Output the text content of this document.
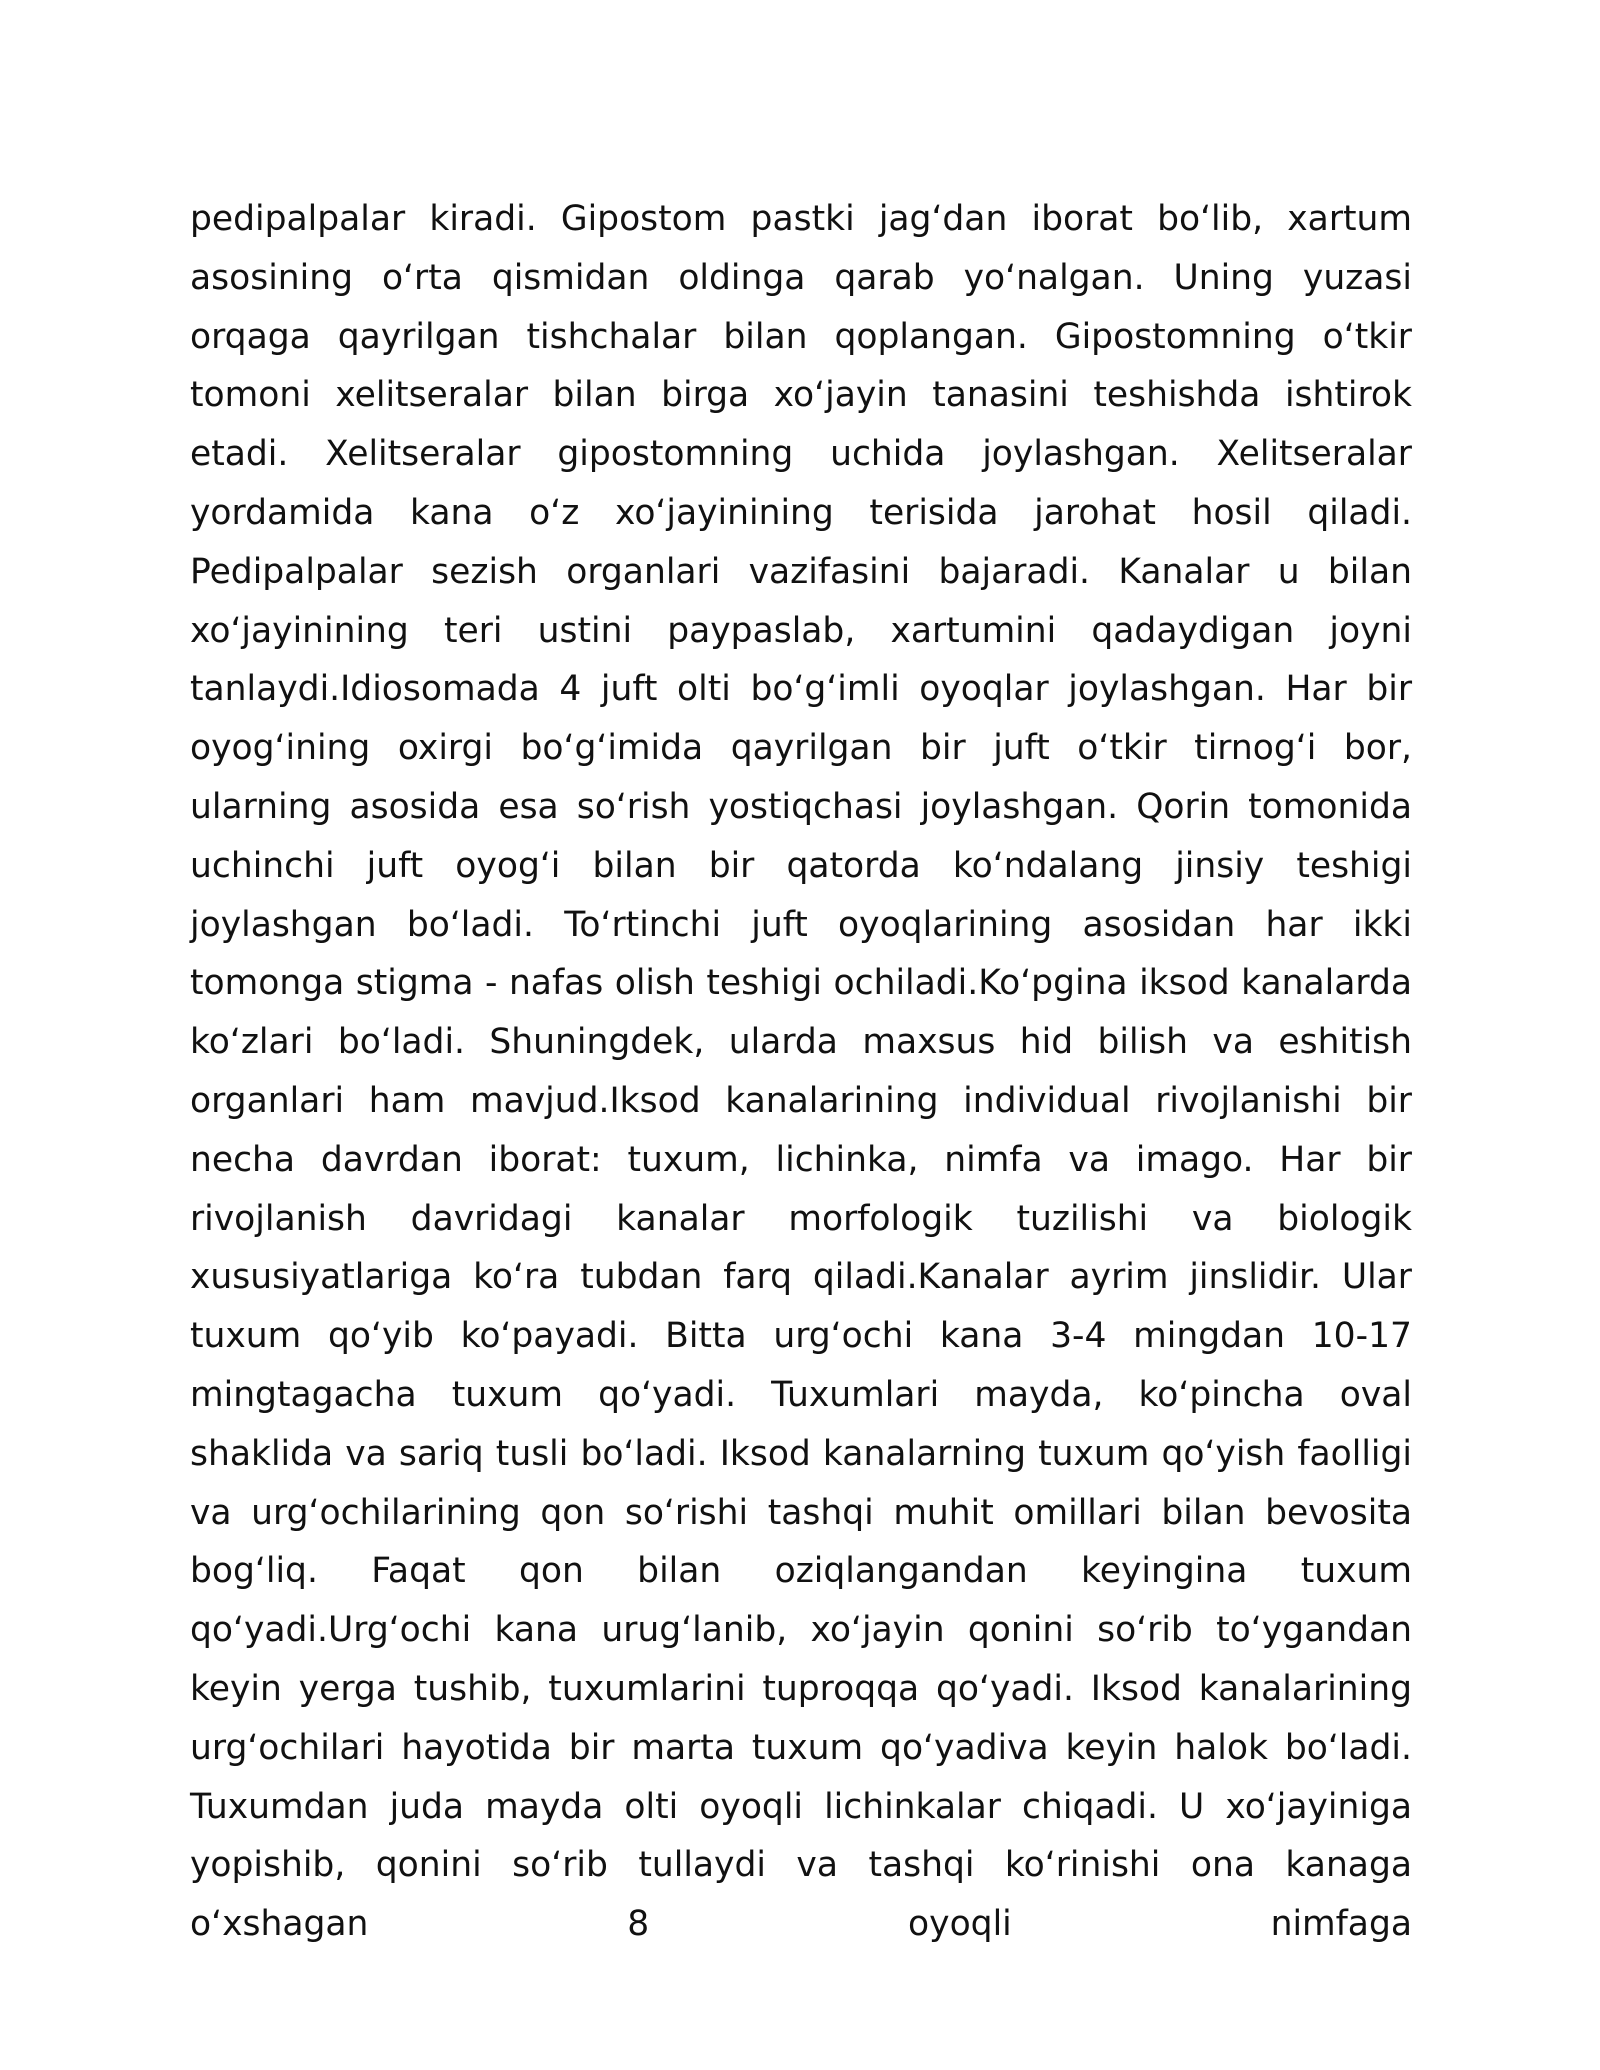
pedipalpalar kiradi. Gipostom pastki jagʻdan iborat boʻlib, xartum asosining oʻrta qismidan oldinga qarab yoʻnalgan. Uning yuzasi orqaga qayrilgan tishchalar bilan qoplangan. Gipostomning oʻtkir tomoni xelitseralar bilan birga xoʻjayin tanasini teshishda ishtirok etadi. Xelitseralar gipostomning uchida joylashgan. Xelitseralar yordamida kana oʻz xoʻjayinining terisida jarohat hosil qiladi. Pedipalpalar sezish organlari vazifasini bajaradi. Kanalar u bilan xoʻjayinining teri ustini paypaslab, xartumini qadaydigan joyni tanlaydi.Idiosomada 4 juft olti boʻgʻimli oyoqlar joylashgan. Har bir oyogʻining oxirgi boʻgʻimida qayrilgan bir juft oʻtkir tirnogʻi bor, ularning asosida esa soʻrish yostiqchasi joylashgan. Qorin tomonida uchinchi juft oyogʻi bilan bir qatorda koʻndalang jinsiy teshigi joylashgan boʻladi. Toʻrtinchi juft oyoqlarining asosidan har ikki tomonga stigma - nafas olish teshigi ochiladi.Koʻpgina iksod kanalarda koʻzlari boʻladi. Shuningdek, ularda maxsus hid bilish va eshitish organlari ham mavjud.Iksod kanalarining individual rivojlanishi bir necha davrdan iborat: tuxum, lichinka, nimfa va imago. Har bir rivojlanish davridagi kanalar morfologik tuzilishi va biologik xususiyatlariga koʻra tubdan farq qiladi.Kanalar ayrim jinslidir. Ular tuxum qoʻyib koʻpayadi. Bitta urgʻochi kana 3-4 mingdan 10-17 mingtagacha tuxum qoʻyadi. Tuxumlari mayda, koʻpincha oval shaklida va sariq tusli boʻladi. Iksod kanalarning tuxum qoʻyish faolligi va urgʻochilarining qon soʻrishi tashqi muhit omillari bilan bevosita bogʻliq. Faqat qon bilan oziqlangandan keyingina tuxum qoʻyadi.Urgʻochi kana urugʻlanib, xoʻjayin qonini soʻrib toʻygandan keyin yerga tushib, tuxumlarini tuproqqa qoʻyadi. Iksod kanalarining urgʻochilari hayotida bir marta tuxum qoʻyadiva keyin halok boʻladi. Tuxumdan juda mayda olti oyoqli lichinkalar chiqadi. U xoʻjayiniga yopishib, qonini soʻrib tullaydi va tashqi koʻrinishi ona kanaga oʻxshagan 8 oyoqli nimfaga
